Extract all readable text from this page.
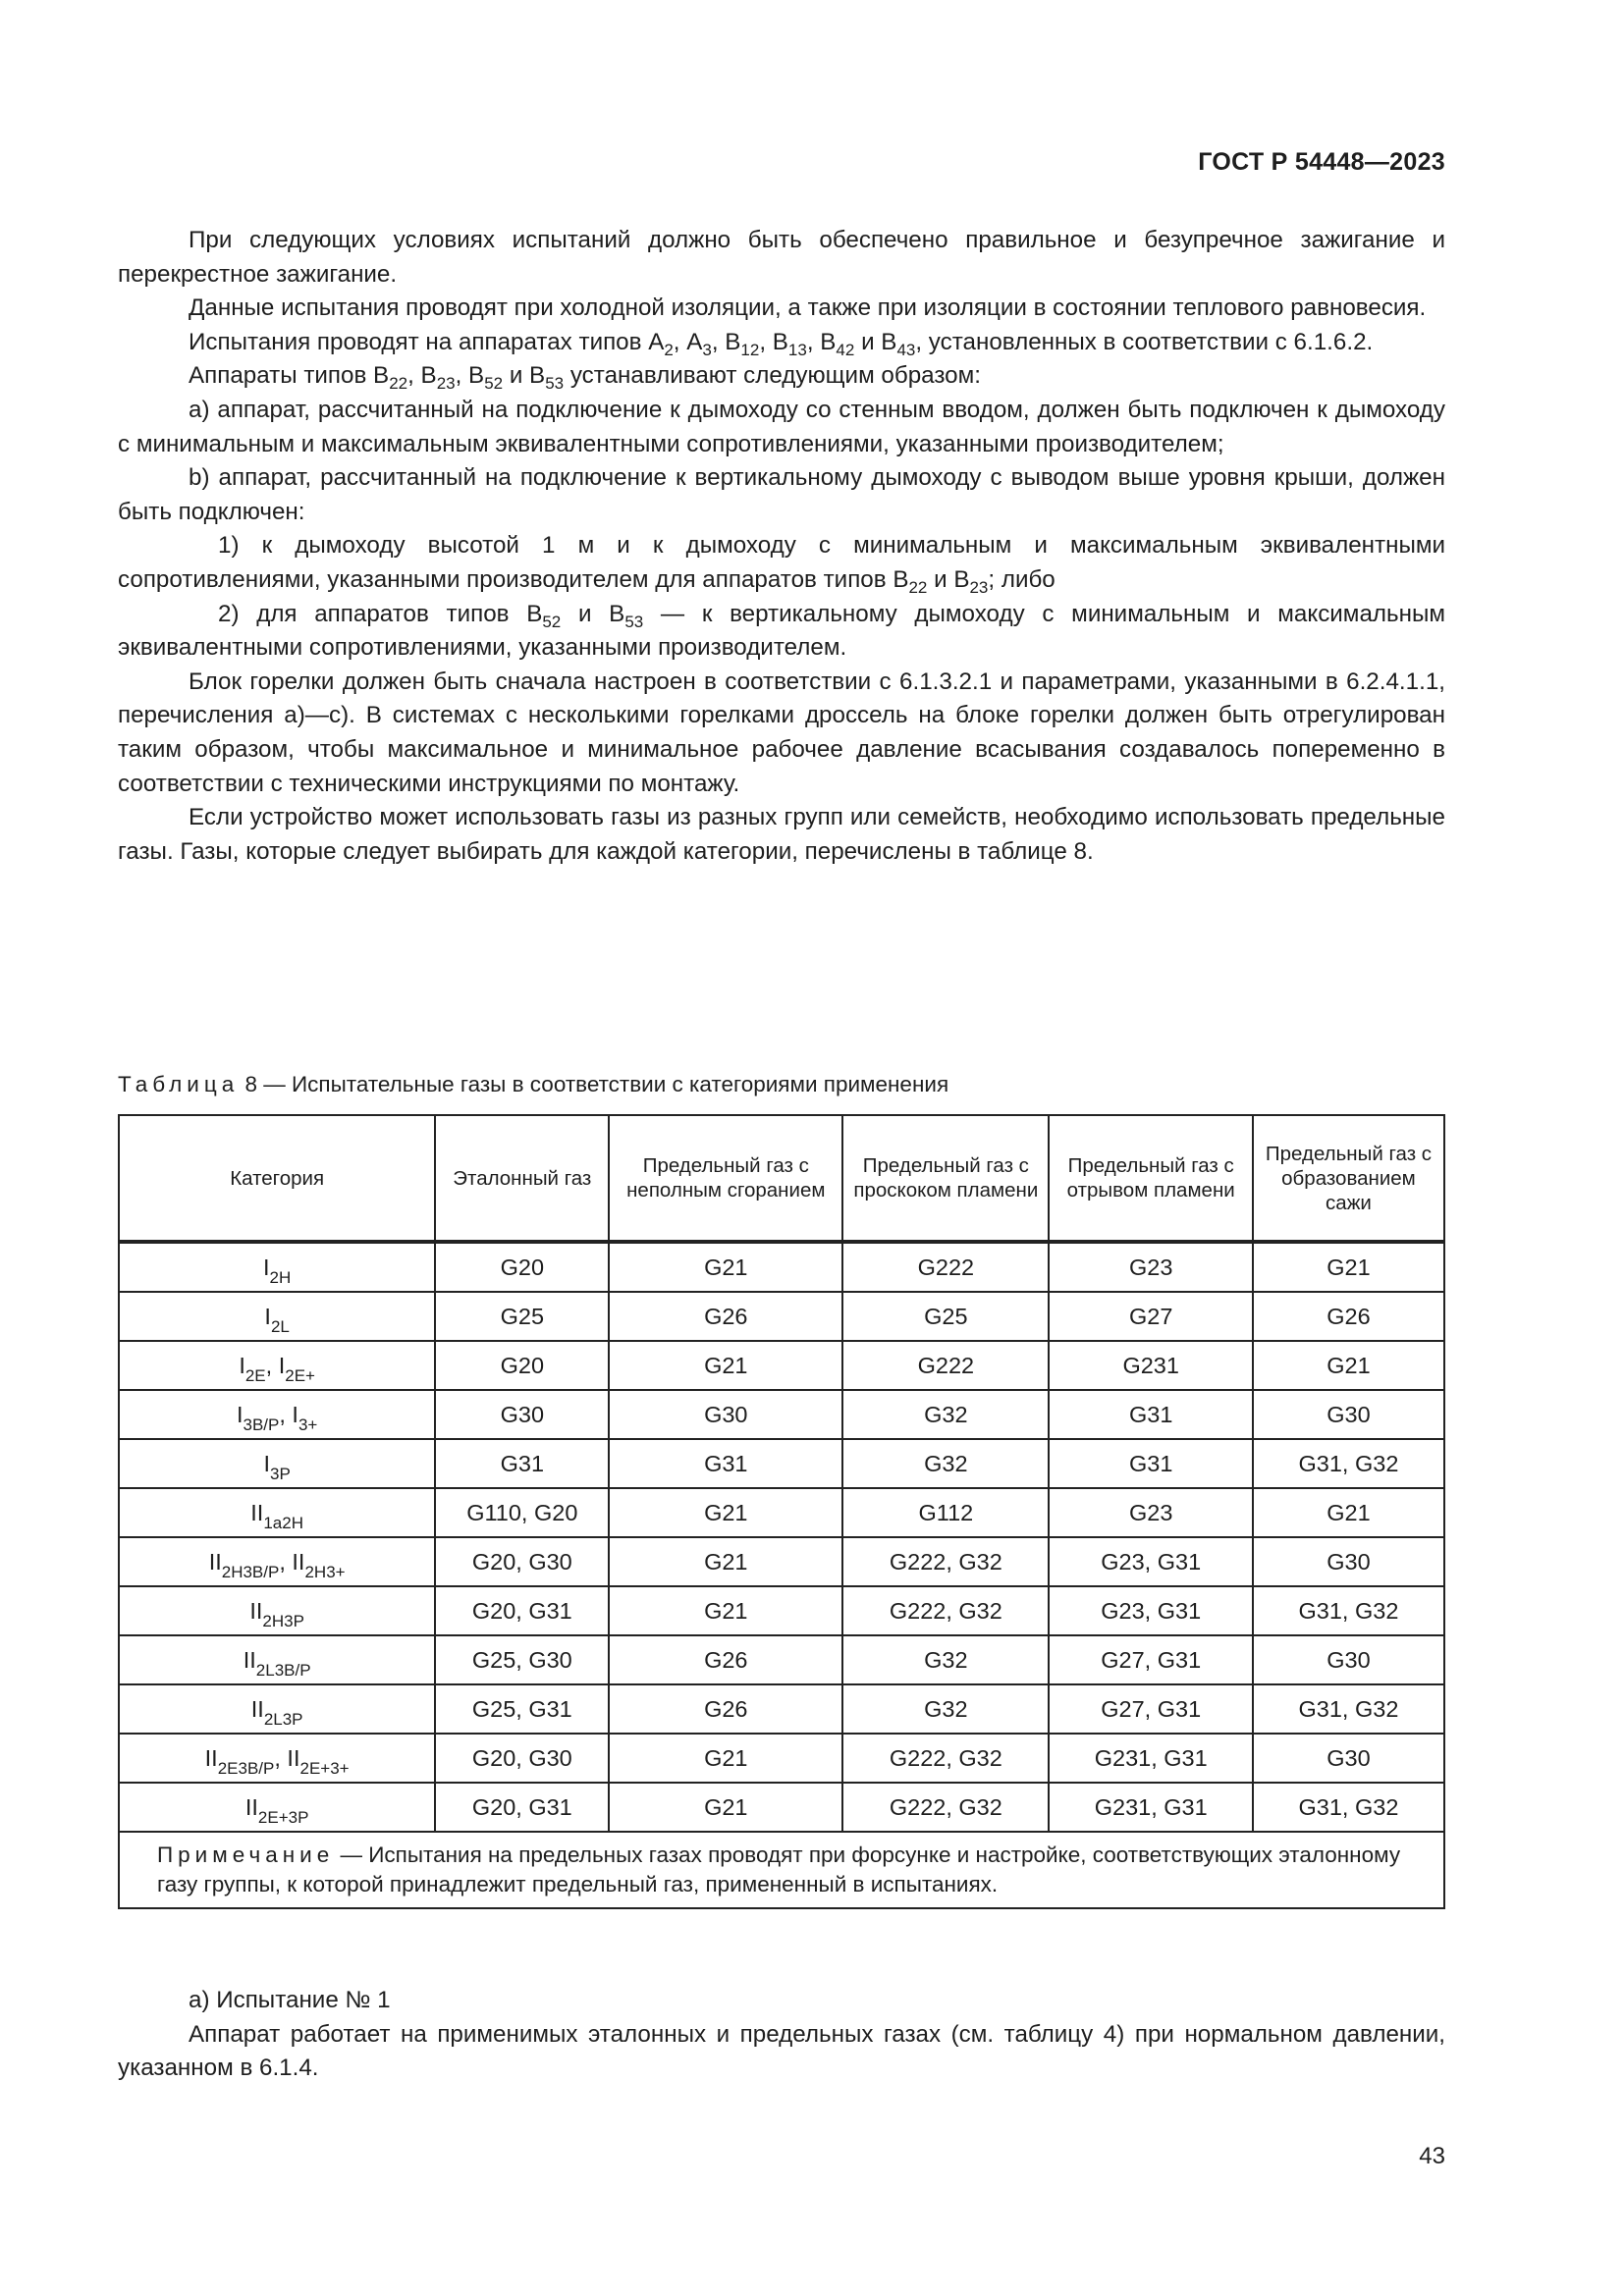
ГОСТ Р 54448—2023

При следующих условиях испытаний должно быть обеспечено правильное и безупречное зажигание и перекрестное зажигание.

Данные испытания проводят при холодной изоляции, а также при изоляции в состоянии теплового равновесия.

Испытания проводят на аппаратах типов $А_2$, $А_3$, $В_{12}$, $В_{13}$, $В_{42}$ и $В_{43}$, установленных в соответствии с 6.1.6.2.

Аппараты типов $В_{22}$, $В_{23}$, $В_{52}$ и $В_{53}$ устанавливают следующим образом:

а) аппарат, рассчитанный на подключение к дымоходу со стенным вводом, должен быть подключен к дымоходу с минимальным и максимальным эквивалентными сопротивлениями, указанными производителем;

b) аппарат, рассчитанный на подключение к вертикальному дымоходу с выводом выше уровня крыши, должен быть подключен:

1) к дымоходу высотой 1 м и к дымоходу с минимальным и максимальным эквивалентными сопротивлениями, указанными производителем для аппаратов типов $В_{22}$ и $В_{23}$; либо

2) для аппаратов типов $В_{52}$ и $В_{53}$ — к вертикальному дымоходу с минимальным и максимальным эквивалентными сопротивлениями, указанными производителем.

Блок горелки должен быть сначала настроен в соответствии с 6.1.3.2.1 и параметрами, указанными в 6.2.4.1.1, перечисления а)—с). В системах с несколькими горелками дроссель на блоке горелки должен быть отрегулирован таким образом, чтобы максимальное и минимальное рабочее давление всасывания создавалось попеременно в соответствии с техническими инструкциями по монтажу.

Если устройство может использовать газы из разных групп или семейств, необходимо использовать предельные газы. Газы, которые следует выбирать для каждой категории, перечислены в таблице 8.

Таблица 8 — Испытательные газы в соответствии с категориями применения
Категория	Эталонный газ	Предельный газ с неполным сгоранием	Предельный газ с проскоком пламени	Предельный газ с отрывом пламени	Предельный газ с образованием сажи
$I_{2H}$	G20	G21	G222	G23	G21
$I_{2L}$	G25	G26	G25	G27	G26
$I_{2E}$, $I_{2E+}$	G20	G21	G222	G231	G21
$I_{3B/P}$, $I_{3+}$	G30	G30	G32	G31	G30
$I_{3P}$	G31	G31	G32	G31	G31, G32
$II_{1a2H}$	G110, G20	G21	G112	G23	G21
$II_{2H3B/P}$, $II_{2H3+}$	G20, G30	G21	G222, G32	G23, G31	G30
$II_{2H3P}$	G20, G31	G21	G222, G32	G23, G31	G31, G32
$II_{2L3B/P}$	G25, G30	G26	G32	G27, G31	G30
$II_{2L3P}$	G25, G31	G26	G32	G27, G31	G31, G32
$II_{2E3B/P}$, $II_{2E+3+}$	G20, G30	G21	G222, G32	G231, G31	G30
$II_{2E+3P}$	G20, G31	G21	G222, G32	G231, G31	G31, G32
Примечание — Испытания на предельных газах проводят при форсунке и настройке, соответствующих эталонному газу группы, к которой принадлежит предельный газ, примененный в испытаниях.					

а) Испытание № 1

Аппарат работает на применимых эталонных и предельных газах (см. таблицу 4) при нормальном давлении, указанном в 6.1.4.

43
